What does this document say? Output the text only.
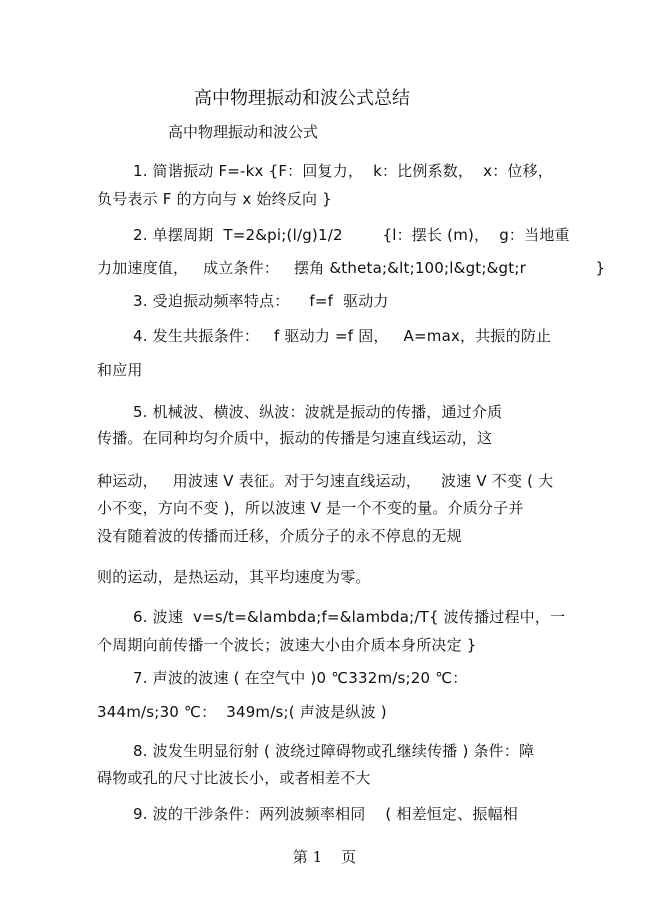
高中物理振动和波公式总结
高中物理振动和波公式
1. 简谐振动 F=-kx {F：回复力，  k：比例系数，  x：位移，
负号表示 F 的方向与 x 始终反向 }
2. 单摆周期  T=2&pi;(l/g)1/2        {l：摆长 (m)，  g：当地重
力加速度值，   成立条件：   摆角 &theta;&lt;100;l&gt;&gt;r              }
3. 受迫振动频率特点：    f=f  驱动力
4. 发生共振条件：   f 驱动力 =f 固，   A=max，共振的防止
和应用
5. 机械波、横波、纵波：波就是振动的传播，通过介质
传播。在同种均匀介质中，振动的传播是匀速直线运动，这
种运动，   用波速 V 表征。对于匀速直线运动，    波速 V 不变 ( 大
小不变，方向不变 )，所以波速 V 是一个不变的量。介质分子并
没有随着波的传播而迁移，介质分子的永不停息的无规
则的运动，是热运动，其平均速度为零。
6. 波速  v=s/t=&lambda;f=&lambda;/T{ 波传播过程中，一
个周期向前传播一个波长；波速大小由介质本身所决定 }
7. 声波的波速 ( 在空气中 )0 ℃332m/s;20 ℃：
344m/s;30 ℃：  349m/s;( 声波是纵波 )
8. 波发生明显衍射 ( 波绕过障碍物或孔继续传播 ) 条件：障
碍物或孔的尺寸比波长小，或者相差不大
9. 波的干涉条件：两列波频率相同    ( 相差恒定、振幅相
第 1    页
